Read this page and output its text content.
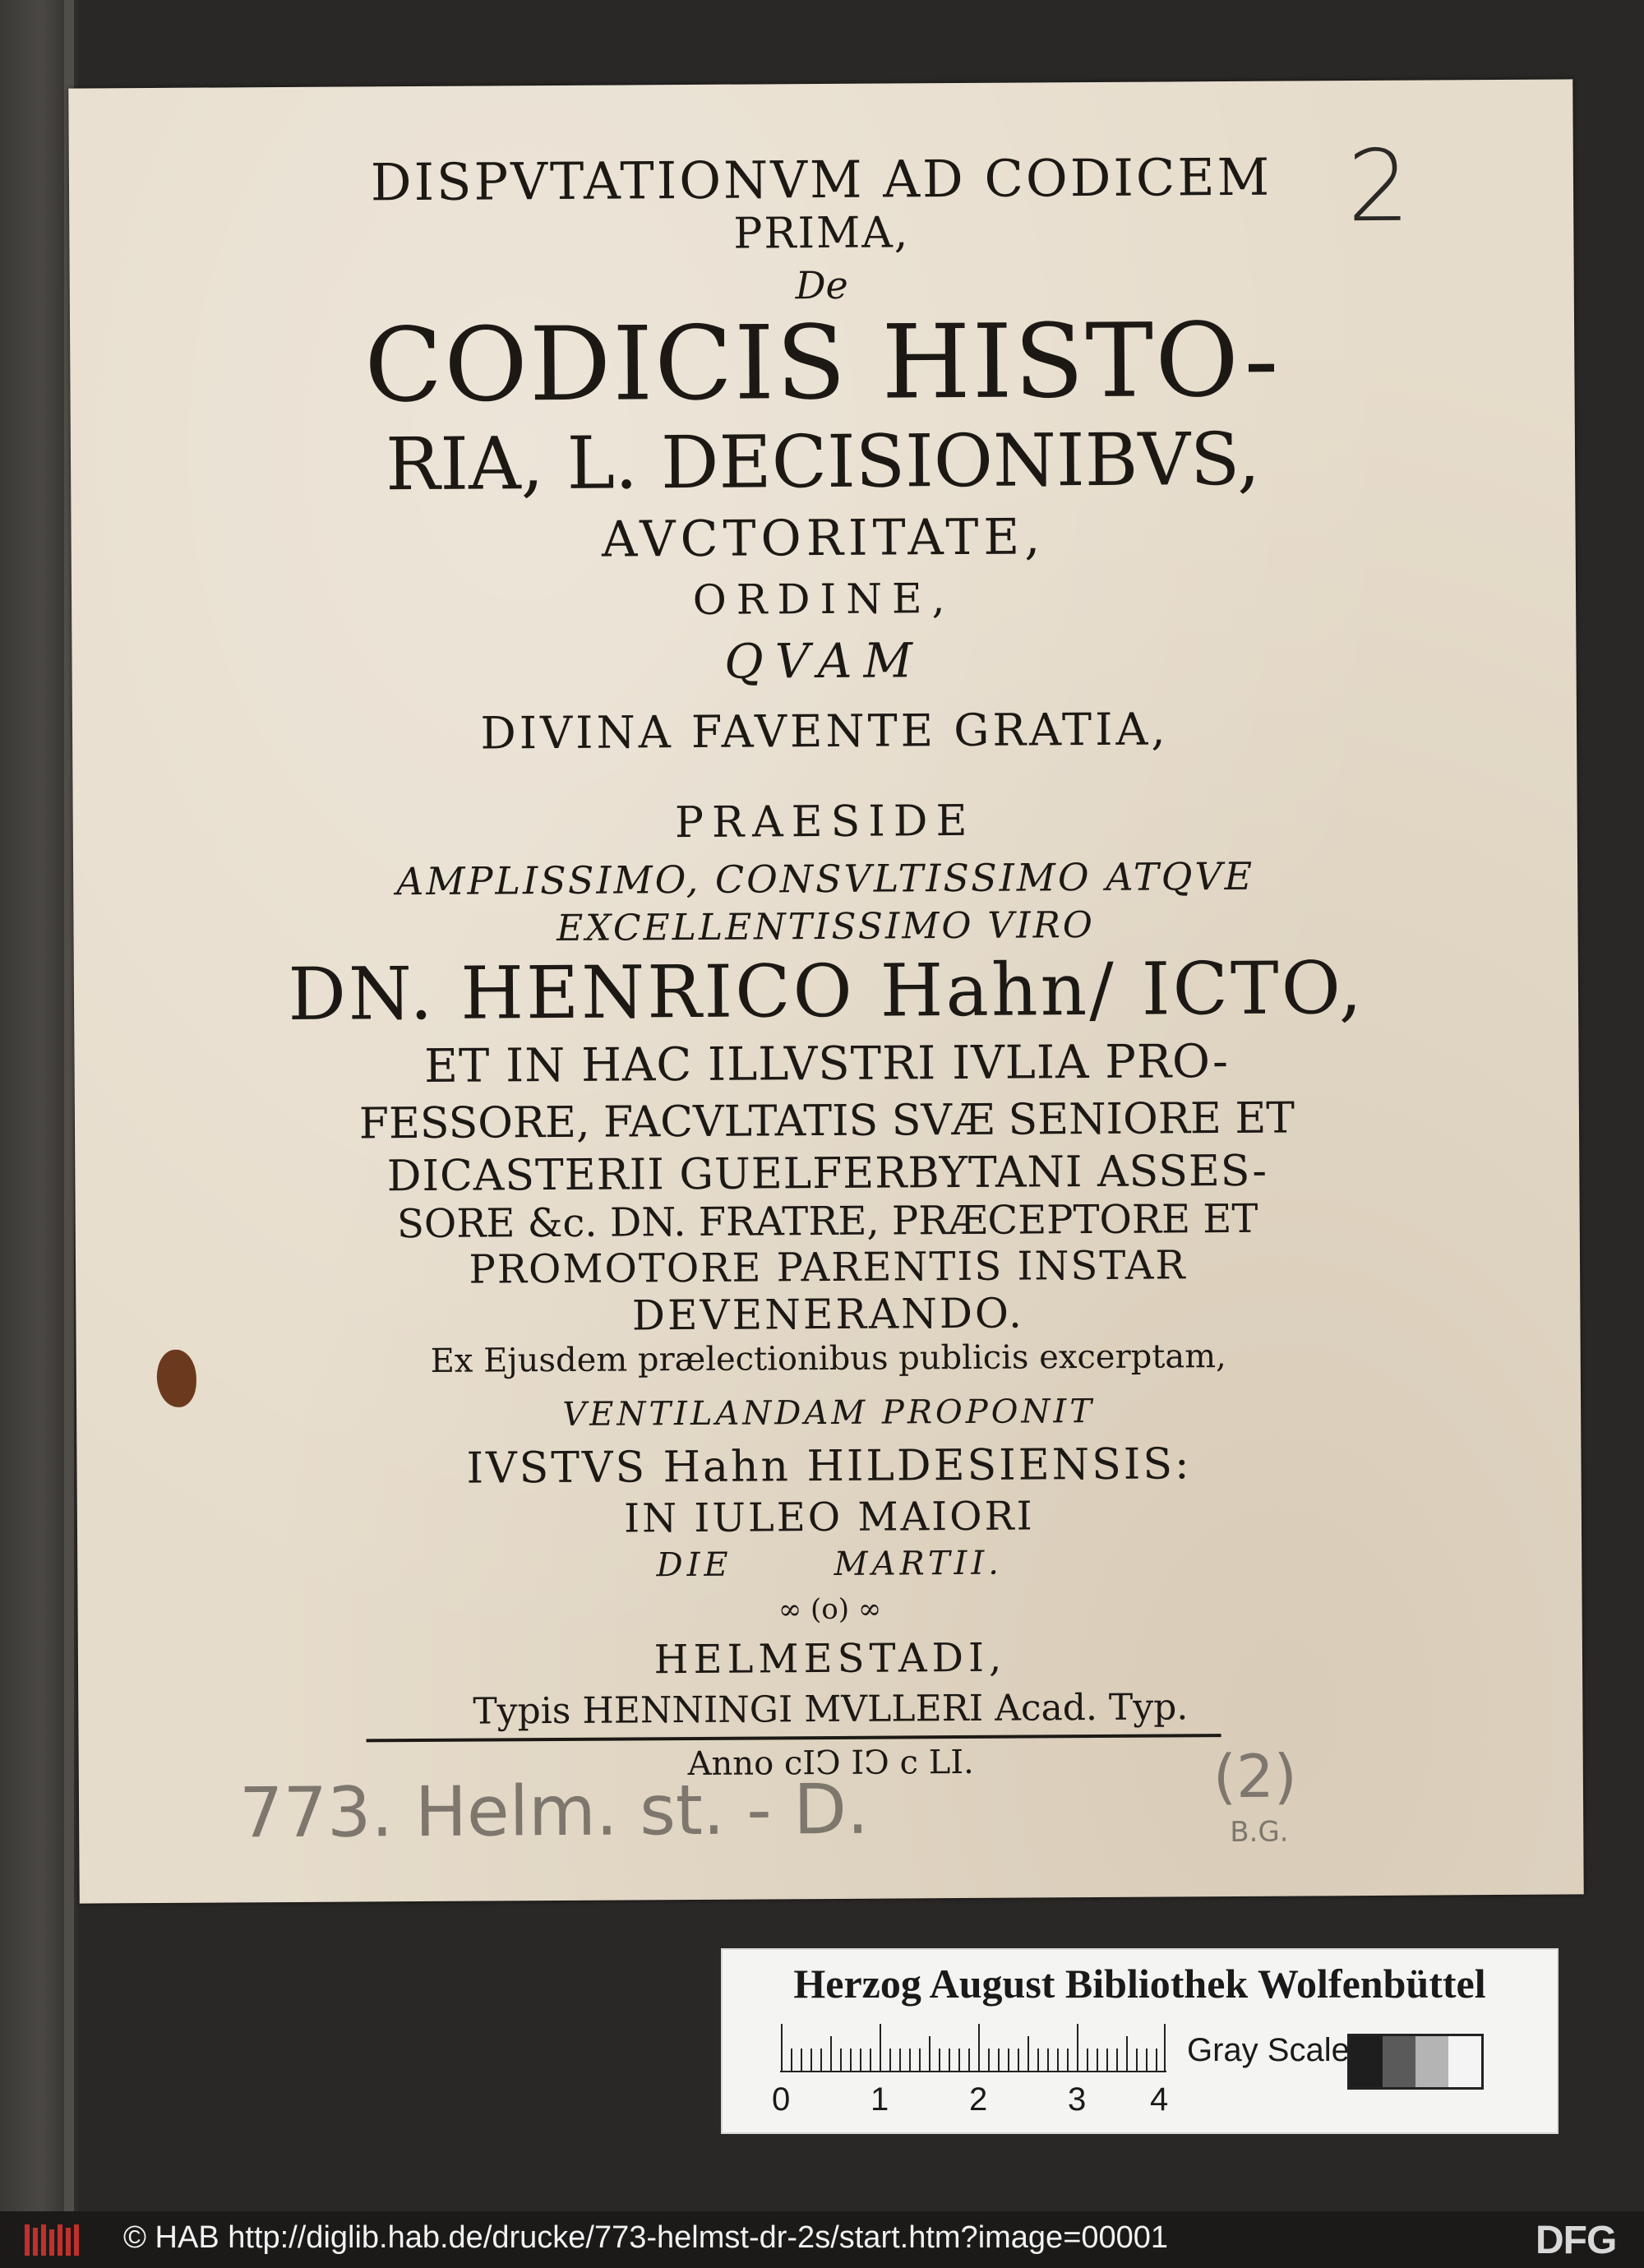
DISPVTATIONVM AD CODICEM
PRIMA,
De
CODICIS HISTO-
RIA, L. DECISIONIBVS,
AVCTORITATE,
ORDINE,
QVAM
DIVINA FAVENTE GRATIA,
PRAESIDE
AMPLISSIMO, CONSVLTISSIMO ATQVE
EXCELLENTISSIMO VIRO
DN. HENRICO Hahn/ ICTO,
ET IN HAC ILLVSTRI IVLIA PRO-
FESSORE, FACVLTATIS SVÆ SENIORE ET
DICASTERII GUELFERBYTANI ASSES-
SORE &c. DN. FRATRE, PRÆCEPTORE ET
PROMOTORE PARENTIS INSTAR
DEVENERANDO.
Ex Ejusdem prælectionibus publicis excerptam,
VENTILANDAM PROPONIT
IVSTVS Hahn HILDESIENSIS:
IN IULEO MAIORI
DIE       MARTII.
∞ (o) ∞
HELMESTADI,
Typis HENNINGI MVLLERI Acad. Typ.
Anno cIↃ IↃ c LI.
2
773. Helm. st. - D.	(2)
B.G.
Herzog August Bibliothek Wolfenbüttel
0 1 2 3 4
Gray Scale
© HAB http://diglib.hab.de/drucke/773-helmst-dr-2s/start.htm?image=00001	DFG
